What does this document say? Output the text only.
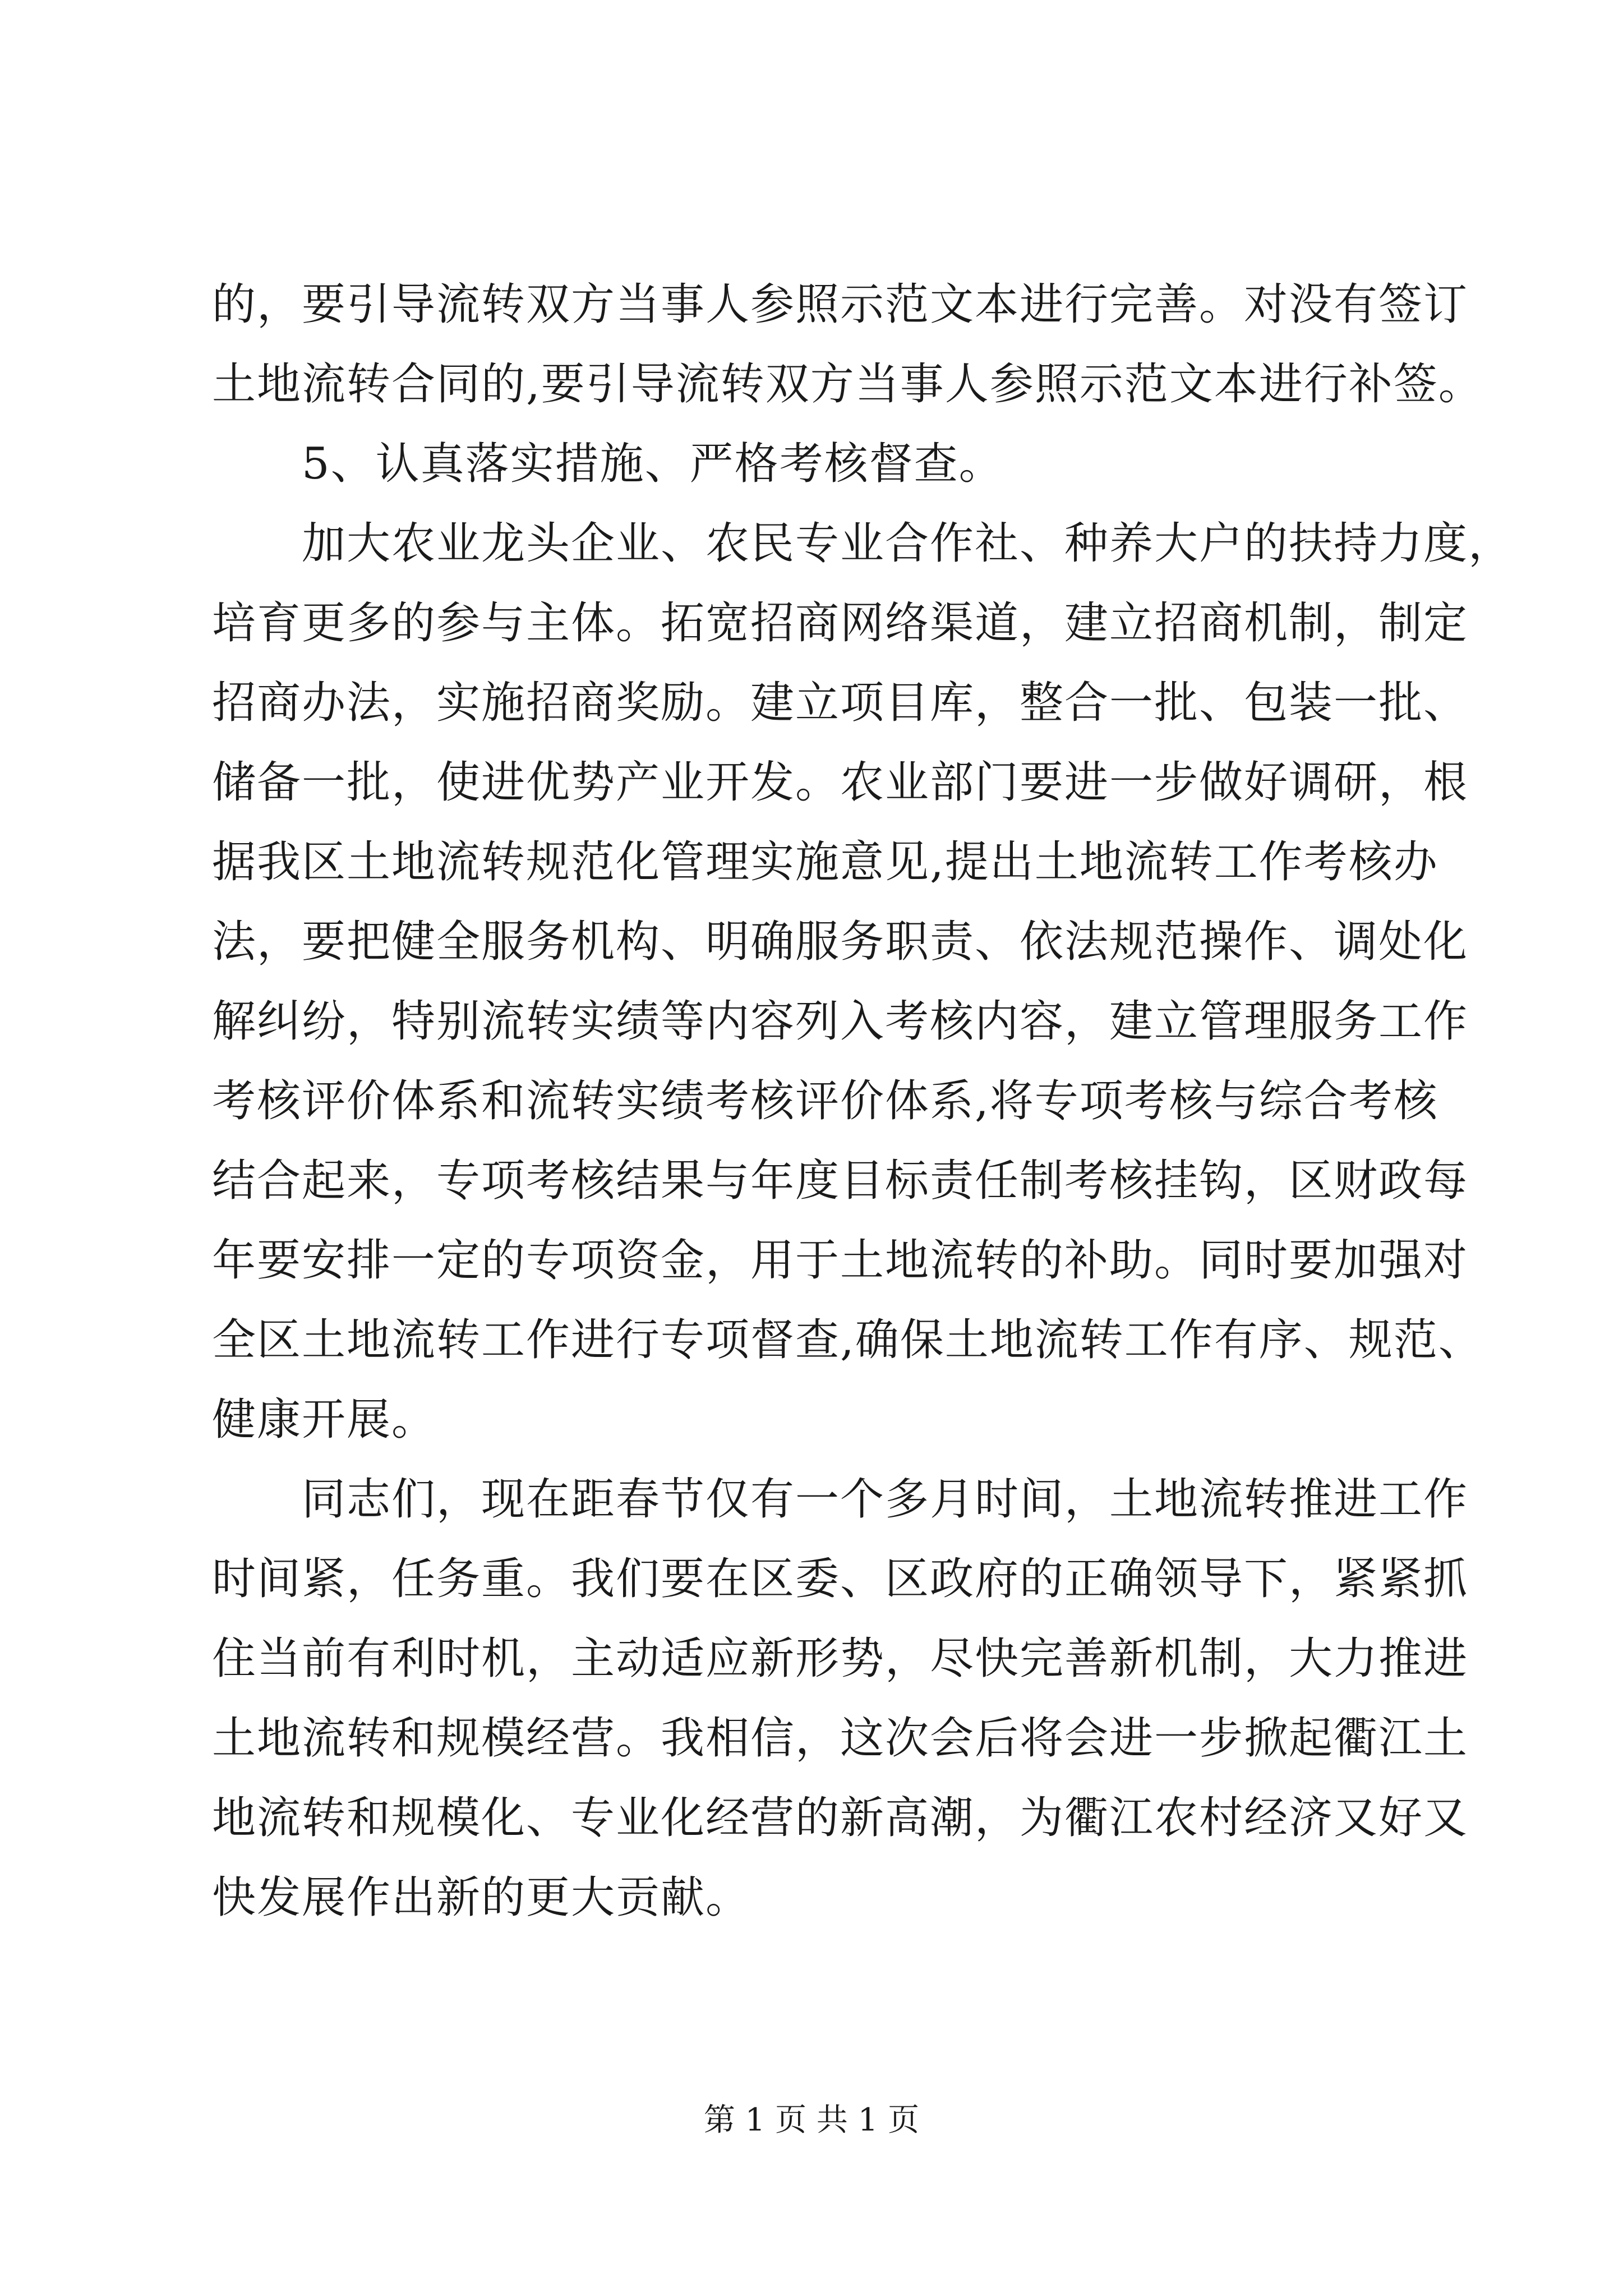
的，要引导流转双方当事人参照示范文本进行完善。对没有签订
土地流转合同的,要引导流转双方当事人参照示范文本进行补签。
5、认真落实措施、严格考核督查。
加大农业龙头企业、农民专业合作社、种养大户的扶持力度，
培育更多的参与主体。拓宽招商网络渠道，建立招商机制，制定
招商办法，实施招商奖励。建立项目库，整合一批、包装一批、
储备一批，使进优势产业开发。农业部门要进一步做好调研，根
据我区土地流转规范化管理实施意见,提出土地流转工作考核办
法，要把健全服务机构、明确服务职责、依法规范操作、调处化
解纠纷，特别流转实绩等内容列入考核内容，建立管理服务工作
考核评价体系和流转实绩考核评价体系,将专项考核与综合考核
结合起来，专项考核结果与年度目标责任制考核挂钩，区财政每
年要安排一定的专项资金，用于土地流转的补助。同时要加强对
全区土地流转工作进行专项督查,确保土地流转工作有序、规范、
健康开展。
同志们，现在距春节仅有一个多月时间，土地流转推进工作
时间紧，任务重。我们要在区委、区政府的正确领导下，紧紧抓
住当前有利时机，主动适应新形势，尽快完善新机制，大力推进
土地流转和规模经营。我相信，这次会后将会进一步掀起衢江土
地流转和规模化、专业化经营的新高潮，为衢江农村经济又好又
快发展作出新的更大贡献。
第 1 页 共 1 页
